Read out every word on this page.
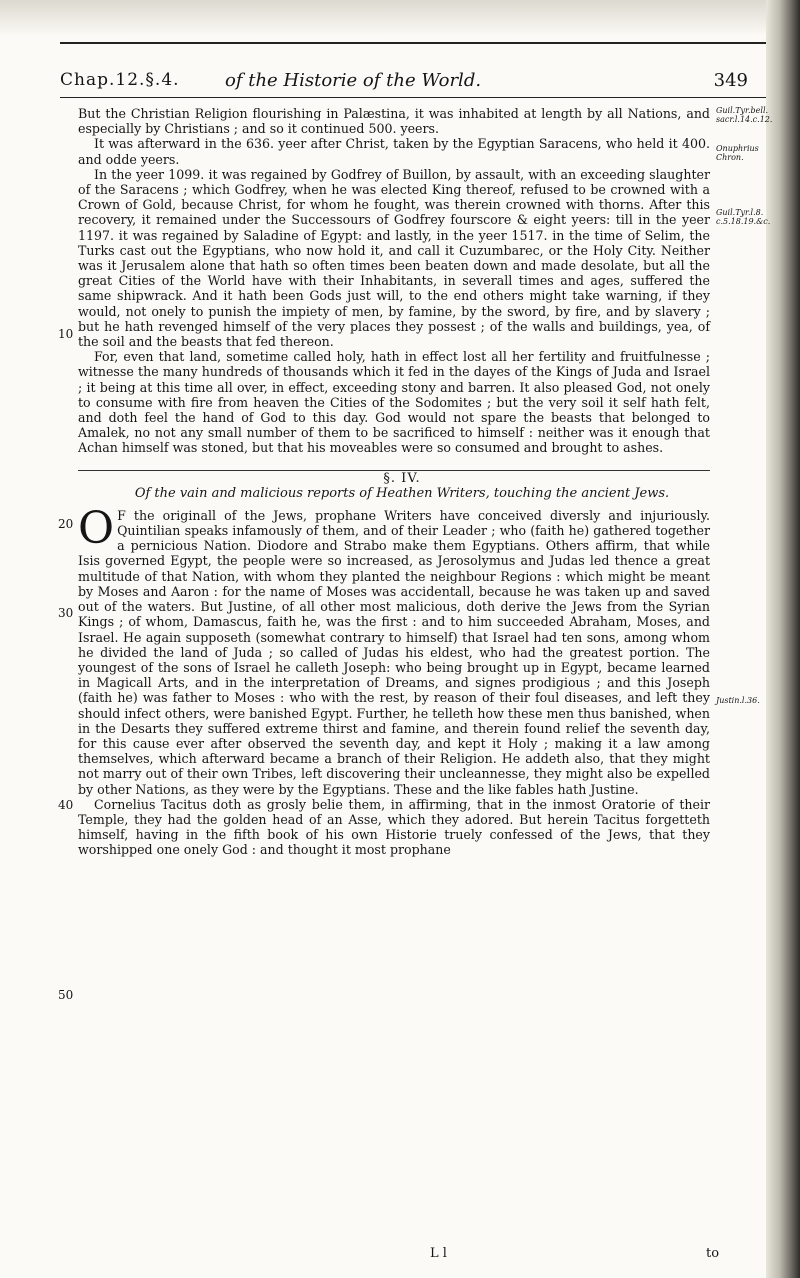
Chap.12.§.4.	of the Historie of the World.	349
10
20
30
40
50
Guil.Tyr.bell. sacr.l.14.c.12.
Onuphrius Chron.
Guil.Tyr.l.8. c.5.18.19.&c.
Justin.l.36.

But the Christian Religion flourishing in Palæstina, it was inhabited at length by all Nations, and especially by Christians ; and so it continued 500. yeers.

It was afterward in the 636. yeer after Christ, taken by the Egyptian Saracens, who held it 400. and odde yeers.

In the yeer 1099. it was regained by Godfrey of Buillon, by assault, with an exceeding slaughter of the Saracens ; which Godfrey, when he was elected King thereof, refused to be crowned with a Crown of Gold, because Christ, for whom he fought, was therein crowned with thorns. After this recovery, it remained under the Successours of Godfrey fourscore & eight yeers: till in the yeer 1197. it was regained by Saladine of Egypt: and lastly, in the yeer 1517. in the time of Selim, the Turks cast out the Egyptians, who now hold it, and call it Cuzumbarec, or the Holy City. Neither was it Jerusalem alone that hath so often times been beaten down and made desolate, but all the great Cities of the World have with their Inhabitants, in severall times and ages, suffered the same shipwrack. And it hath been Gods just will, to the end others might take warning, if they would, not onely to punish the impiety of men, by famine, by the sword, by fire, and by slavery ; but he hath revenged himself of the very places they possest ; of the walls and buildings, yea, of the soil and the beasts that fed thereon.

For, even that land, sometime called holy, hath in effect lost all her fertility and fruitfulnesse ; witnesse the many hundreds of thousands which it fed in the dayes of the Kings of Juda and Israel ; it being at this time all over, in effect, exceeding stony and barren. It also pleased God, not onely to consume with fire from heaven the Cities of the Sodomites ; but the very soil it self hath felt, and doth feel the hand of God to this day. God would not spare the beasts that belonged to Amalek, no not any small number of them to be sacrificed to himself : neither was it enough that Achan himself was stoned, but that his moveables were so consumed and brought to ashes.

§. IV.

Of the vain and malicious reports of Heathen Writers, touching the ancient Jews.

O F the originall of the Jews, prophane Writers have conceived diversly and injuriously. Quintilian speaks infamously of them, and of their Leader ; who (faith he) gathered together a pernicious Nation. Diodore and Strabo make them Egyptians. Others affirm, that while Isis governed Egypt, the people were so increased, as Jerosolymus and Judas led thence a great multitude of that Nation, with whom they planted the neighbour Regions : which might be meant by Moses and Aaron : for the name of Moses was accidentall, because he was taken up and saved out of the waters. But Justine, of all other most malicious, doth derive the Jews from the Syrian Kings ; of whom, Damascus, faith he, was the first : and to him succeeded Abraham, Moses, and Israel. He again supposeth (somewhat contrary to himself) that Israel had ten sons, among whom he divided the land of Juda ; so called of Judas his eldest, who had the greatest portion. The youngest of the sons of Israel he calleth Joseph: who being brought up in Egypt, became learned in Magicall Arts, and in the interpretation of Dreams, and signes prodigious ; and this Joseph (faith he) was father to Moses : who with the rest, by reason of their foul diseases, and left they should infect others, were banished Egypt. Further, he telleth how these men thus banished, when in the Desarts they suffered extreme thirst and famine, and therein found relief the seventh day, for this cause ever after observed the seventh day, and kept it Holy ; making it a law among themselves, which afterward became a branch of their Religion. He addeth also, that they might not marry out of their own Tribes, left discovering their uncleannesse, they might also be expelled by other Nations, as they were by the Egyptians. These and the like fables hath Justine.

Cornelius Tacitus doth as grosly belie them, in affirming, that in the inmost Oratorie of their Temple, they had the golden head of an Asse, which they adored. But herein Tacitus forgetteth himself, having in the fifth book of his own Historie truely confessed of the Jews, that they worshipped one onely God : and thought it most prophane

L l	to
